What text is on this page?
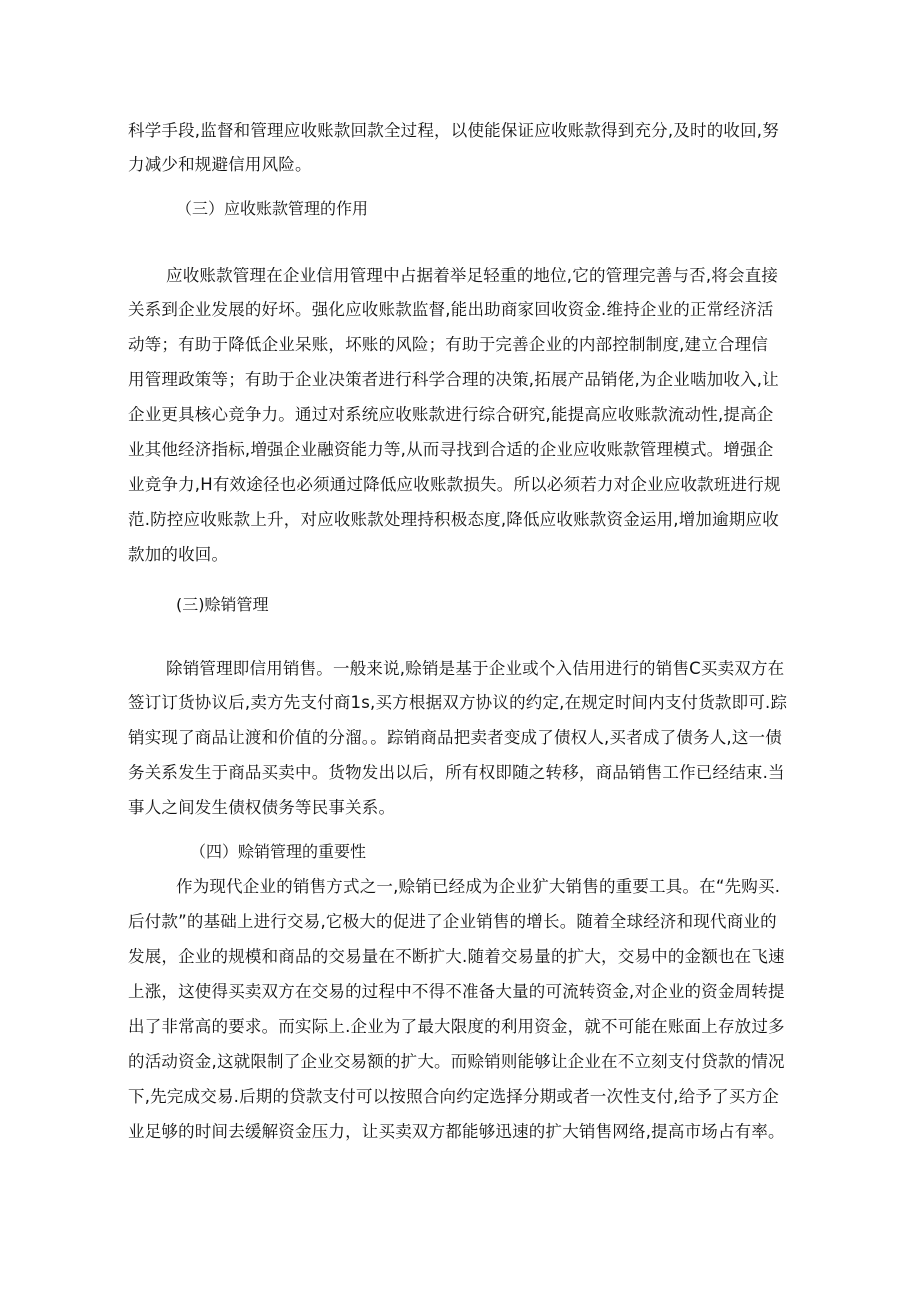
科学手段,监督和管理应收账款回款全过程，以使能保证应收账款得到充分,及时的收回,努
力减少和规避信用风险。
（三）应收账款管理的作用
应收账款管理在企业信用管理中占据着举足轻重的地位,它的管理完善与否,将会直接
关系到企业发展的好坏。强化应收账款监督,能出助商家回收资金.维持企业的正常经济活
动等；有助于降低企业呆账，坏账的风险；有助于完善企业的内部控制制度,建立合理信
用管理政策等；有助于企业决策者进行科学合理的决策,拓展产品销佬,为企业啮加收入,让
企业更具核心竞争力。通过对系统应收账款进行综合研究,能提高应收账款流动性,提高企
业其他经济指标,増强企业融资能力等,从而寻找到合适的企业应收账款管理模式。增强企
业竞争力,H有效途径也必须通过降低应收账款损失。所以必须若力对企业应收款班进行规
范.防控应收账款上升，对应收账款处理持积极态度,降低应收账款资金运用,增加逾期应收
款加的收回。
(三)赊销管理
除销管理即信用销售。一般来说,赊销是基于企业或个入佶用进行的销售C买卖双方在
签订订货协议后,卖方先支付商1s,买方根据双方协议的约定,在规定时间内支付货款即可.踪
销实现了商品让渡和价值的分溜。。踪销商品把卖者变成了债权人,买者成了债务人,这一债
务关系发生于商品买卖中。货物发出以后，所有权即随之转移，商品销售工作已经结束.当
事人之间发生债权债务等民事关系。
（四）赊销管理的重要性
作为现代企业的销售方式之一,赊销已经成为企业犷大销售的重要工具。在“先购买.
后付款”的基础上进行交易,它极大的促进了企业销售的增长。随着全球经济和现代商业的
发展，企业的规模和商品的交易量在不断扩大.随着交易量的扩大，交易中的金额也在飞速
上涨，这使得买卖双方在交易的过程中不得不准备大量的可流转资金,对企业的资金周转提
出了非常高的要求。而实际上.企业为了最大限度的利用资金，就不可能在账面上存放过多
的活动资金,这就限制了企业交易额的扩大。而赊销则能够让企业在不立刻支付贷款的情况
下,先完成交易.后期的贷款支付可以按照合向约定选择分期或者一次性支付,给予了买方企
业足够的时间去缓解资金压力，让买卖双方都能够迅速的扩大销售网络,提高市场占有率。
